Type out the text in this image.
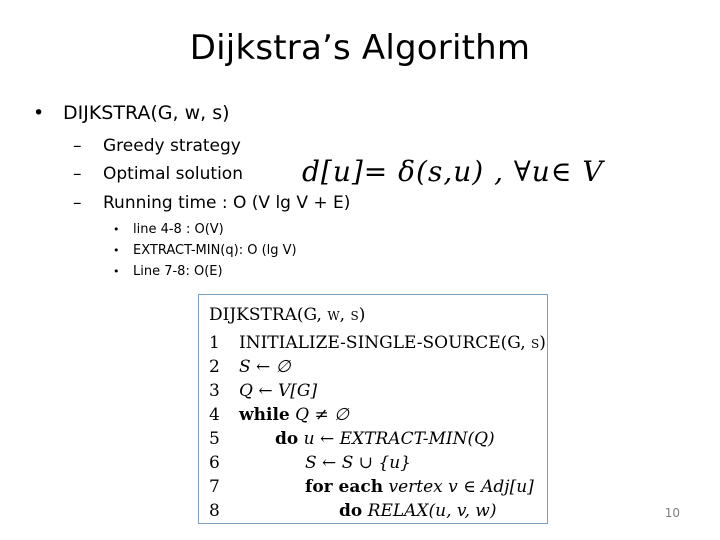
Dijkstra’s Algorithm
• DIJKSTRA(G, w, s)
– Greedy strategy
– Optimal solution
– Running time : O (V lg V + E)
• line 4-8 : O(V)
• EXTRACT-MIN(q): O (lg V)
• Line 7-8: O(E)
d[u]= δ(s,u) , ∀u∈ V
DIJKSTRA(G, w, s)
1 INITIALIZE-SINGLE-SOURCE(G, s)
2 S ← ∅
3 Q ← V[G]
4 while Q ≠ ∅
5	do u ← EXTRACT-MIN(Q)
6	S ← S ∪ {u}
7	for each vertex v ∈ Adj[u]
8	do RELAX(u, v, w)	10
